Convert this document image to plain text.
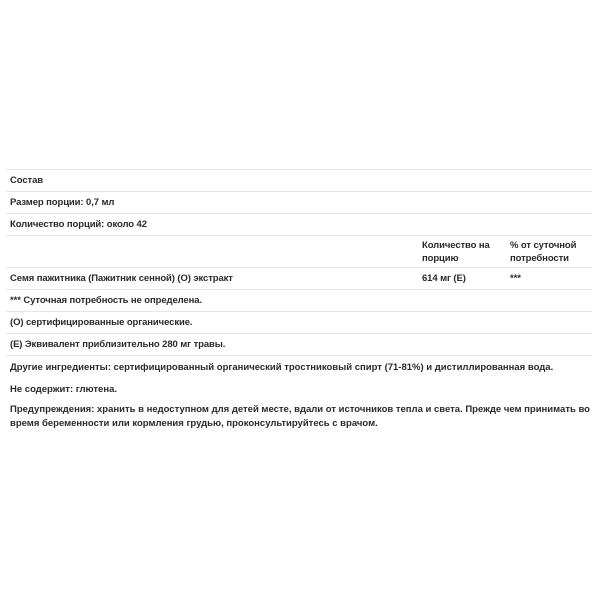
Состав
Размер порции: 0,7 мл
Количество порций: около 42
Количество на порцию
% от суточной потребности
Семя пажитника (Пажитник сенной) (O) экстракт	614 мг (E)	***
*** Суточная потребность не определена.
(O) сертифицированные органические.
(E) Эквивалент приблизительно 280 мг травы.
Другие ингредиенты: сертифицированный органический тростниковый спирт (71-81%) и дистиллированная вода.
Не содержит: глютена.
Предупреждения: хранить в недоступном для детей месте, вдали от источников тепла и света. Прежде чем принимать во время беременности или кормления грудью, проконсультируйтесь с врачом.
